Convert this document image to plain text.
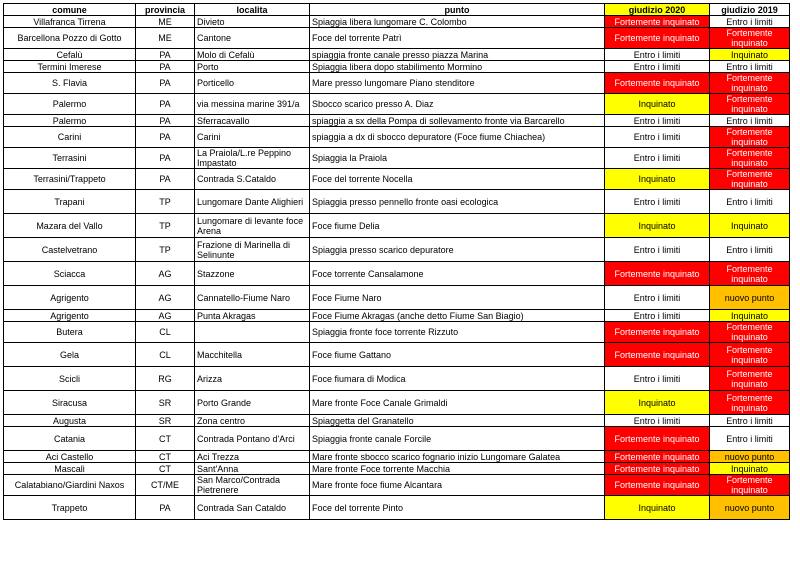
comune	provincia	localita	punto	giudizio 2020	giudizio 2019
Villafranca Tirrena	ME	Divieto	Spiaggia libera lungomare C. Colombo	Fortemente inquinato	Entro i limiti
Barcellona Pozzo di Gotto	ME	Cantone	Foce del torrente Patrì	Fortemente inquinato	Fortemente inquinato
Cefalù	PA	Molo di Cefalù	spiaggia fronte canale presso piazza Marina	Entro i limiti	Inquinato
Termini Imerese	PA	Porto	Spiaggia libera dopo stabilimento Mormino	Entro i limiti	Entro i limiti
S. Flavia	PA	Porticello	Mare presso lungomare Piano stenditore	Fortemente inquinato	Fortemente inquinato
Palermo	PA	via messina marine 391/a	Sbocco scarico presso A. Diaz	Inquinato	Fortemente inquinato
Palermo	PA	Sferracavallo	spiaggia a sx della Pompa di sollevamento fronte via Barcarello	Entro i limiti	Entro i limiti
Carini	PA	Carini	spiaggia a dx di sbocco depuratore (Foce fiume Chiachea)	Entro i limiti	Fortemente inquinato
Terrasini	PA	La Praiola/L.re Peppino Impastato	Spiaggia la Praiola	Entro i limiti	Fortemente inquinato
Terrasini/Trappeto	PA	Contrada S.Cataldo	Foce del torrente Nocella	Inquinato	Fortemente inquinato
Trapani	TP	Lungomare Dante Alighieri	Spiaggia presso pennello fronte oasi ecologica	Entro i limiti	Entro i limiti
Mazara del Vallo	TP	Lungomare di levante foce Arena	Foce fiume Delia	Inquinato	Inquinato
Castelvetrano	TP	Frazione di Marinella di Selinunte	Spiaggia presso scarico depuratore	Entro i limiti	Entro i limiti
Sciacca	AG	Stazzone	Foce torrente Cansalamone	Fortemente inquinato	Fortemente inquinato
Agrigento	AG	Cannatello-Fiume Naro	Foce Fiume Naro	Entro i limiti	nuovo punto
Agrigento	AG	Punta Akragas	Foce Fiume Akragas (anche detto Fiume San Biagio)	Entro i limiti	Inquinato
Butera	CL		Spiaggia fronte foce torrente Rizzuto	Fortemente inquinato	Fortemente inquinato
Gela	CL	Macchitella	Foce fiume Gattano	Fortemente inquinato	Fortemente inquinato
Scicli	RG	Arizza	Foce fiumara di Modica	Entro i limiti	Fortemente inquinato
Siracusa	SR	Porto Grande	Mare fronte Foce Canale Grimaldi	Inquinato	Fortemente inquinato
Augusta	SR	Zona centro	Spiaggetta del Granatello	Entro i limiti	Entro i limiti
Catania	CT	Contrada Pontano d'Arci	Spiaggia fronte canale Forcile	Fortemente inquinato	Entro i limiti
Aci Castello	CT	Aci Trezza	Mare fronte sbocco scarico fognario inizio Lungomare Galatea	Fortemente inquinato	nuovo punto
Mascali	CT	Sant'Anna	Mare fronte Foce torrente Macchia	Fortemente inquinato	Inquinato
Calatabiano/Giardini Naxos	CT/ME	San Marco/Contrada Pietrenere	Mare fronte foce fiume Alcantara	Fortemente inquinato	Fortemente inquinato
Trappeto	PA	Contrada San Cataldo	Foce del torrente Pinto	Inquinato	nuovo punto
